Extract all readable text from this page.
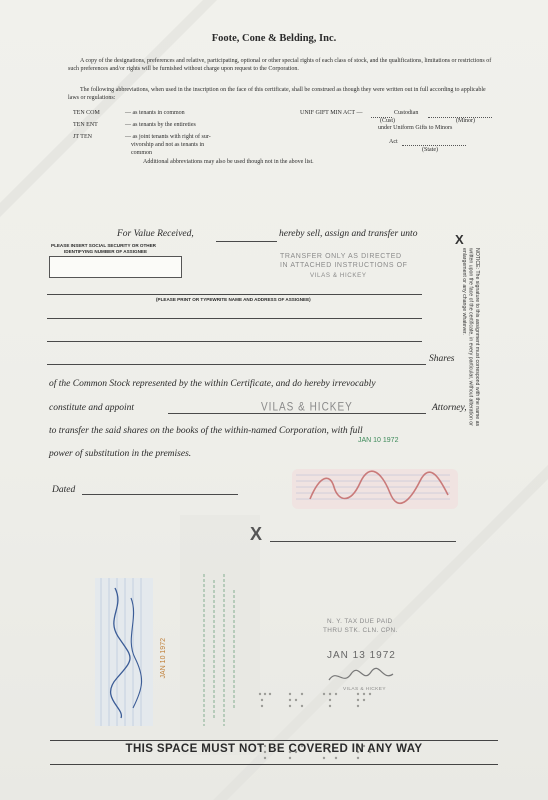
Foote, Cone & Belding, Inc.
A copy of the designations, preferences and relative, participating, optional or other special rights of each class of stock, and the qualifications, limitations or restrictions of such preferences and/or rights will be furnished without charge upon request to the Corporation.
The following abbreviations, when used in the inscription on the face of this certificate, shall be construed as though they were written out in full according to applicable laws or regulations:
TEN COM	— as tenants in common
TEN ENT	— as tenants by the entireties
JT TEN	— as joint tenants with right of sur-
vivorship and not as tenants in
common
UNIF GIFT MIN ACT —	Custodian
(Cust)	(Minor)
under Uniform Gifts to Minors
Act
(State)
Additional abbreviations may also be used though not in the above list.
For Value Received,	hereby sell, assign and transfer unto
PLEASE INSERT SOCIAL SECURITY OR OTHER
IDENTIFYING NUMBER OF ASSIGNEE
TRANSFER ONLY AS DIRECTED
IN ATTACHED INSTRUCTIONS OF
VILAS & HICKEY
(PLEASE PRINT OR TYPEWRITE NAME AND ADDRESS OF ASSIGNEE)
Shares
of the Common Stock represented by the within Certificate, and do hereby irrevocably
constitute and appoint	VILAS & HICKEY	Attorney,
to transfer the said shares on the books of the within-named Corporation, with full
power of substitution in the premises.
JAN 10 1972
Dated
X
X
NOTICE: The signature to this assignment must correspond with the name as written upon the face of the certificate, in every particular, without alteration or enlargement or any change whatever.
JAN 10 1972
N. Y. TAX DUE PAID
THRU STK. CLN. CPN.
JAN 13 1972
VILAS & HICKEY
THIS SPACE MUST NOT BE COVERED IN ANY WAY
